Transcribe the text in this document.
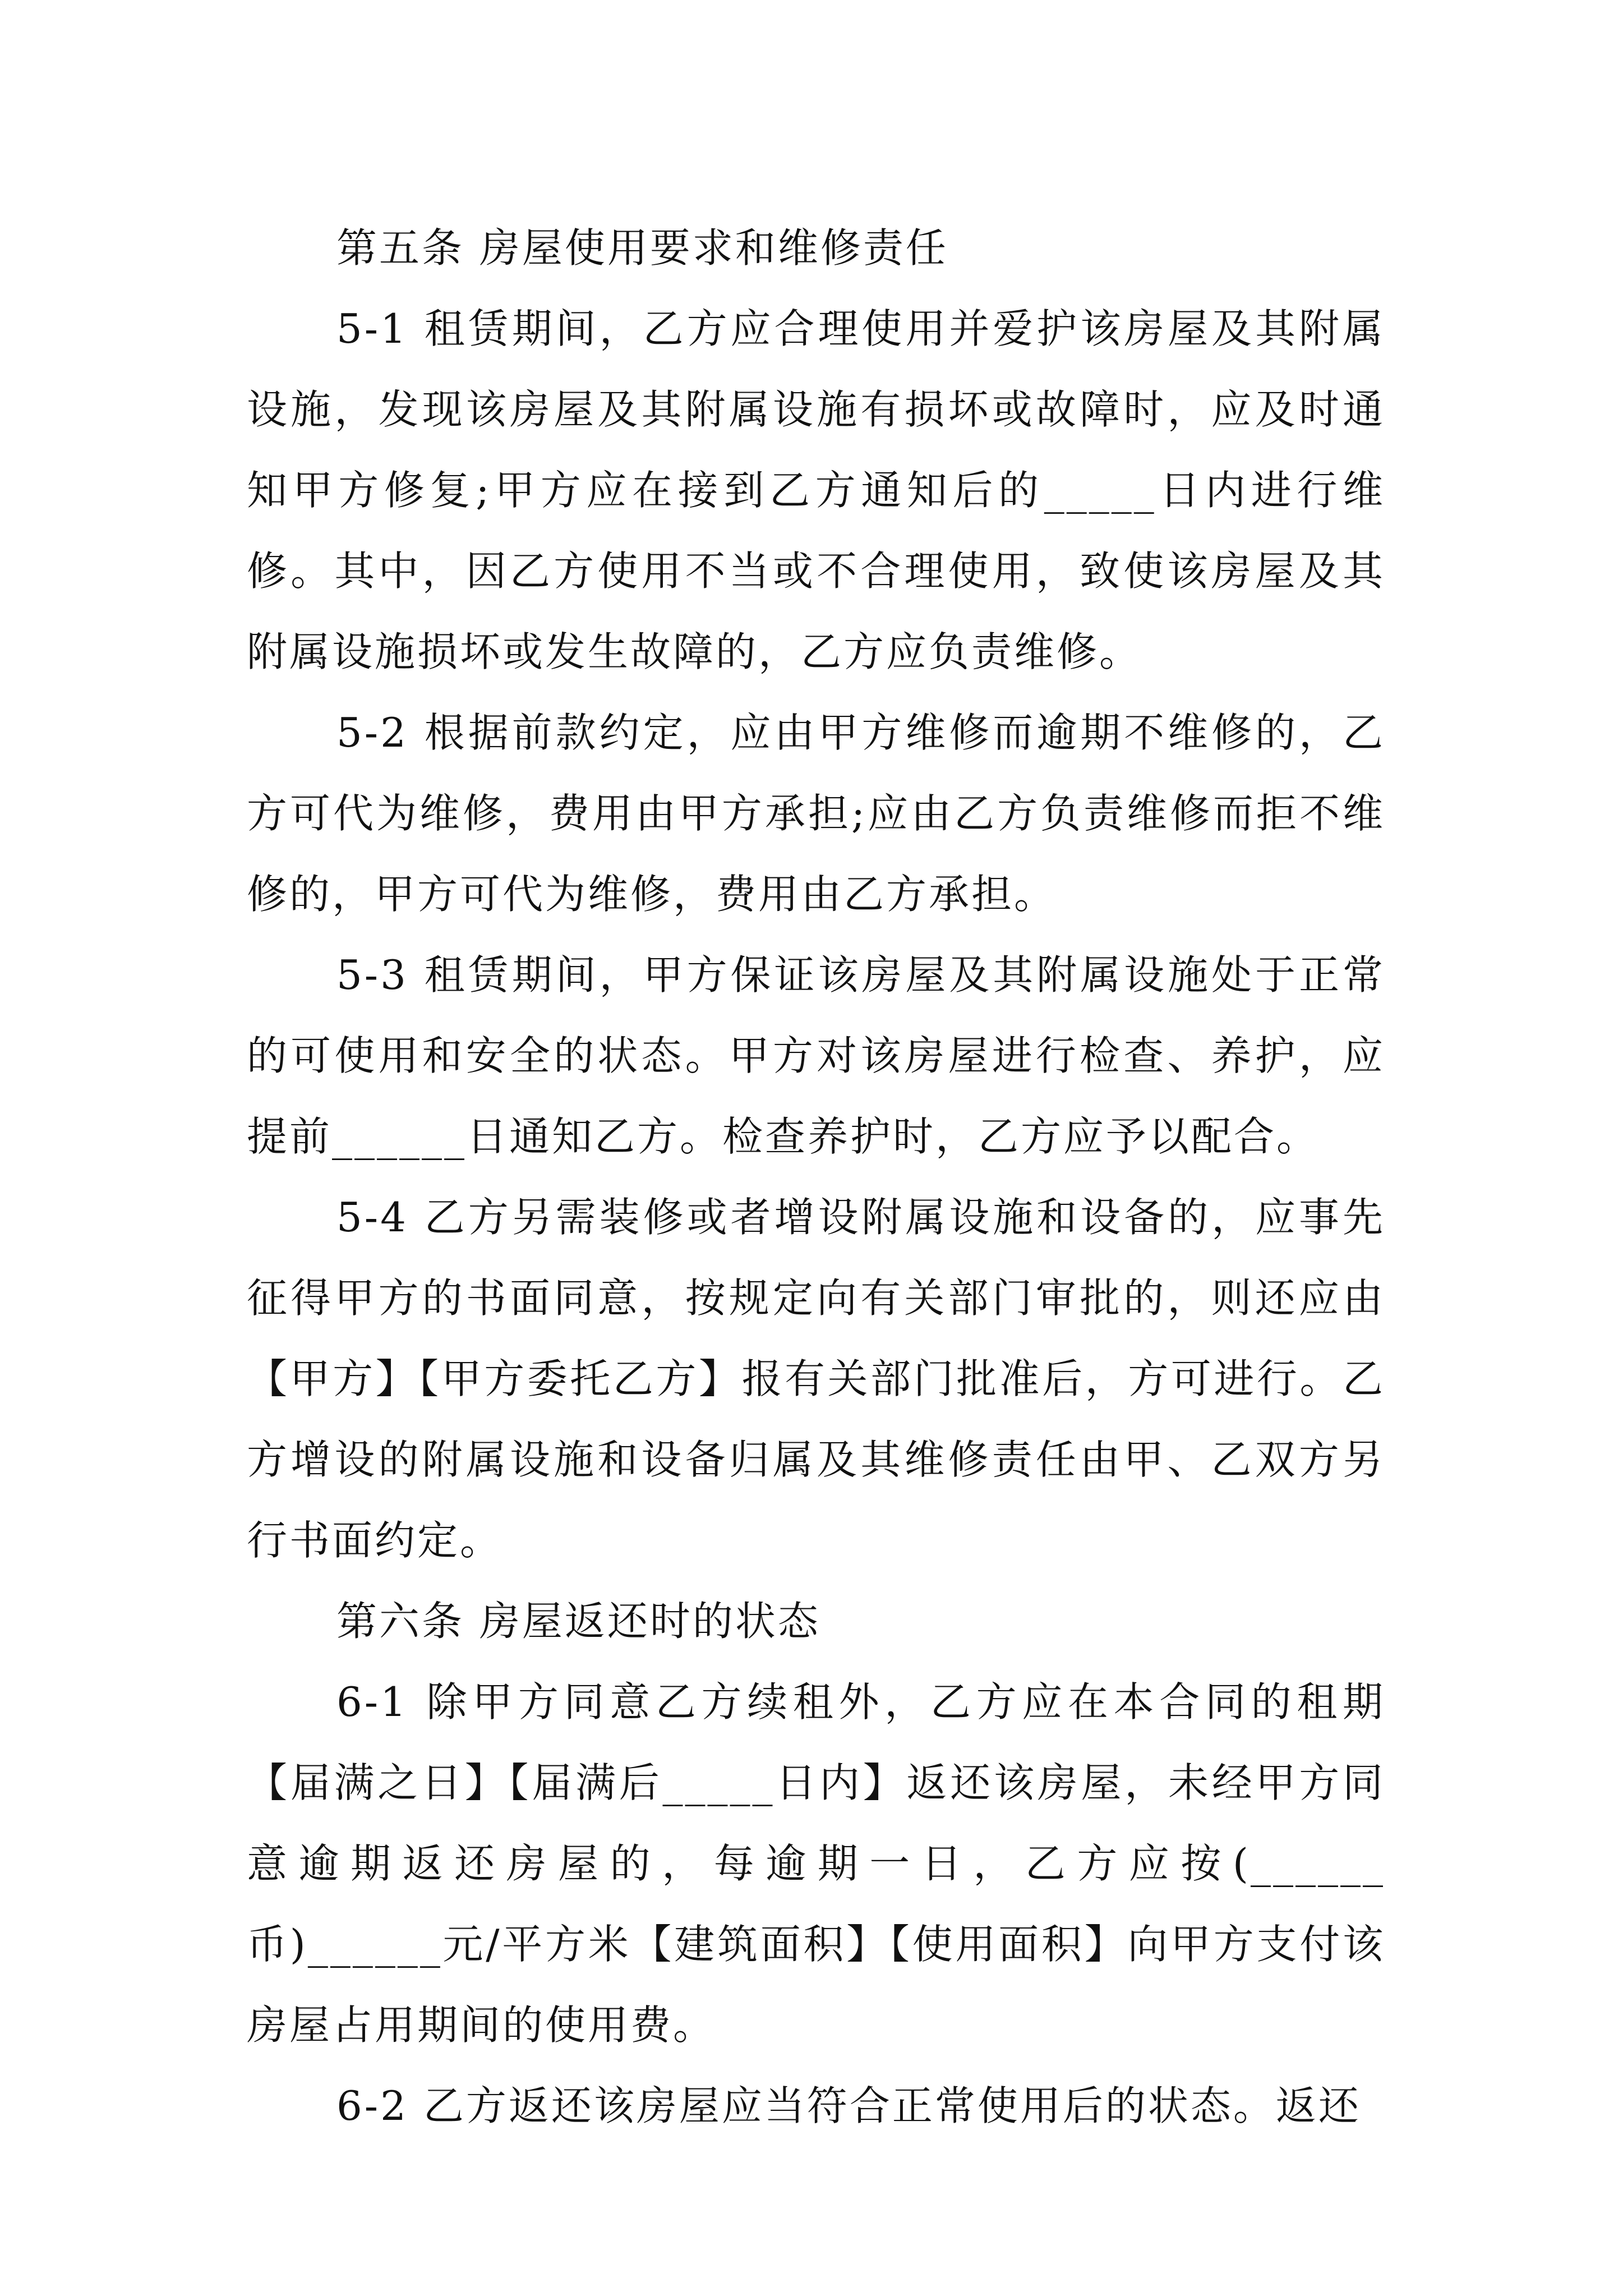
第五条 房屋使用要求和维修责任

5-1 租赁期间，乙方应合理使用并爱护该房屋及其附属设施，发现该房屋及其附属设施有损坏或故障时，应及时通知甲方修复;甲方应在接到乙方通知后的_____日内进行维修。其中，因乙方使用不当或不合理使用，致使该房屋及其附属设施损坏或发生故障的，乙方应负责维修。

5-2 根据前款约定，应由甲方维修而逾期不维修的，乙方可代为维修，费用由甲方承担;应由乙方负责维修而拒不维修的，甲方可代为维修，费用由乙方承担。

5-3 租赁期间，甲方保证该房屋及其附属设施处于正常的可使用和安全的状态。甲方对该房屋进行检查、养护，应提前______日通知乙方。检查养护时，乙方应予以配合。

5-4 乙方另需装修或者增设附属设施和设备的，应事先征得甲方的书面同意，按规定向有关部门审批的，则还应由【甲方】【甲方委托乙方】报有关部门批准后，方可进行。乙方增设的附属设施和设备归属及其维修责任由甲、乙双方另行书面约定。

第六条 房屋返还时的状态

6-1 除甲方同意乙方续租外，乙方应在本合同的租期【届满之日】【届满后_____日内】返还该房屋，未经甲方同意逾期返还房屋的，每逾期一日，乙方应按(______币)______元/平方米【建筑面积】【使用面积】向甲方支付该房屋占用期间的使用费。

6-2 乙方返还该房屋应当符合正常使用后的状态。返还
